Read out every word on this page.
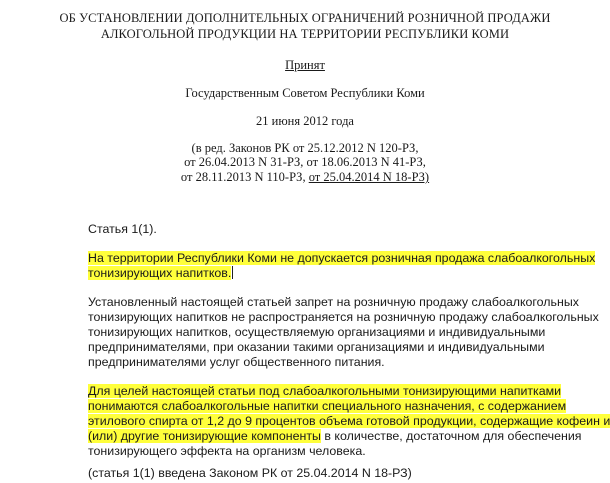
ОБ УСТАНОВЛЕНИИ ДОПОЛНИТЕЛЬНЫХ ОГРАНИЧЕНИЙ РОЗНИЧНОЙ ПРОДАЖИ
АЛКОГОЛЬНОЙ ПРОДУКЦИИ НА ТЕРРИТОРИИ РЕСПУБЛИКИ КОМИ
Принят
Государственным Советом Республики Коми
21 июня 2012 года
(в ред. Законов РК от 25.12.2012 N 120-РЗ,
от 26.04.2013 N 31-РЗ, от 18.06.2013 N 41-РЗ,
от 28.11.2013 N 110-РЗ, от 25.04.2014 N 18-РЗ)
Статья 1(1).
На территории Республики Коми не допускается розничная продажа слабоалкогольных
тонизирующих напитков.
Установленный настоящей статьей запрет на розничную продажу слабоалкогольных
тонизирующих напитков не распространяется на розничную продажу слабоалкогольных
тонизирующих напитков, осуществляемую организациями и индивидуальными
предпринимателями, при оказании такими организациями и индивидуальными
предпринимателями услуг общественного питания.
Для целей настоящей статьи под слабоалкогольными тонизирующими напитками
понимаются слабоалкогольные напитки специального назначения, с содержанием
этилового спирта от 1,2 до 9 процентов объема готовой продукции, содержащие кофеин и
(или) другие тонизирующие компоненты в количестве, достаточном для обеспечения
тонизирующего эффекта на организм человека.
(статья 1(1) введена Законом РК от 25.04.2014 N 18-РЗ)
